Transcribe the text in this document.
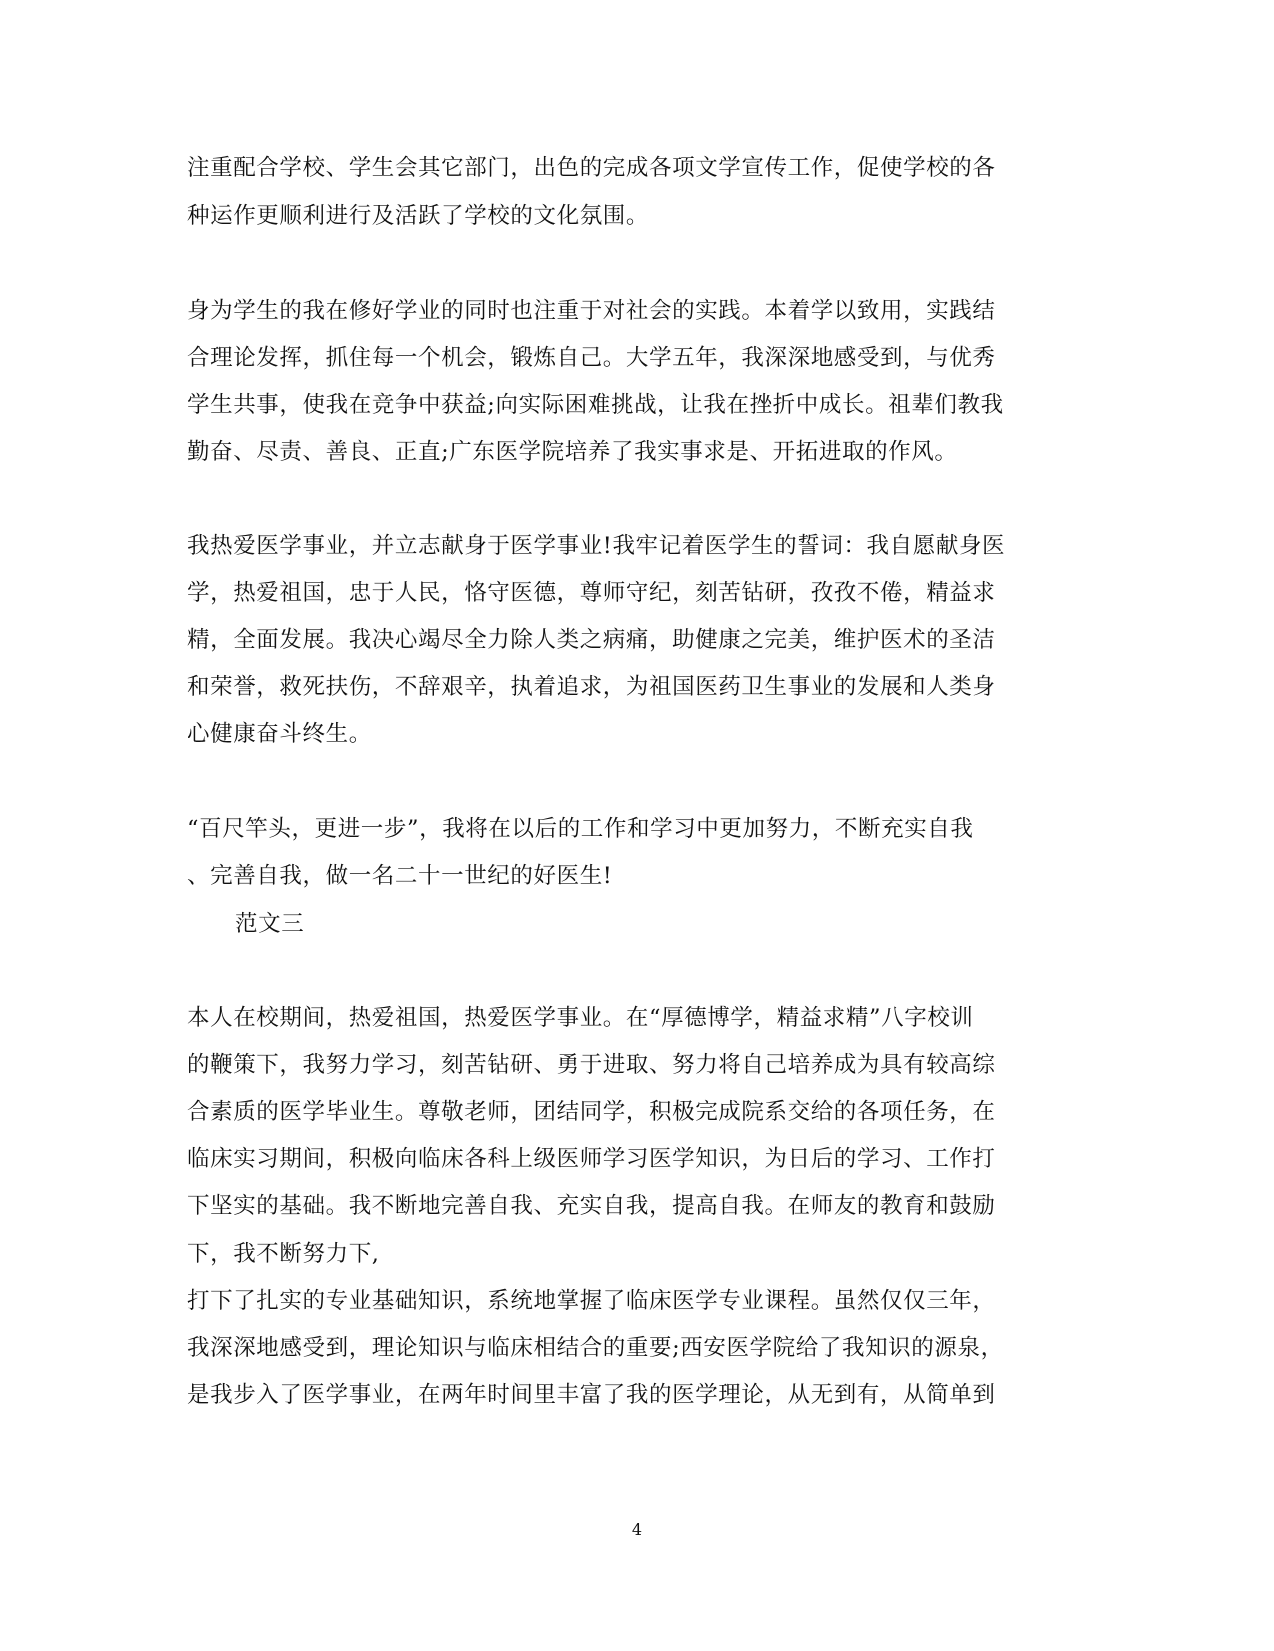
注重配合学校、学生会其它部门，出色的完成各项文学宣传工作，促使学校的各
种运作更顺利进行及活跃了学校的文化氛围。
身为学生的我在修好学业的同时也注重于对社会的实践。本着学以致用，实践结
合理论发挥，抓住每一个机会，锻炼自己。大学五年，我深深地感受到，与优秀
学生共事，使我在竞争中获益;向实际困难挑战，让我在挫折中成长。祖辈们教我
勤奋、尽责、善良、正直;广东医学院培养了我实事求是、开拓进取的作风。
我热爱医学事业，并立志献身于医学事业!我牢记着医学生的誓词：我自愿献身医
学，热爱祖国，忠于人民，恪守医德，尊师守纪，刻苦钻研，孜孜不倦，精益求
精，全面发展。我决心竭尽全力除人类之病痛，助健康之完美，维护医术的圣洁
和荣誉，救死扶伤，不辞艰辛，执着追求，为祖国医药卫生事业的发展和人类身
心健康奋斗终生。
“百尺竿头，更进一步”，我将在以后的工作和学习中更加努力，不断充实自我
、完善自我，做一名二十一世纪的好医生!
范文三
本人在校期间，热爱祖国，热爱医学事业。在“厚德博学，精益求精”八字校训
的鞭策下，我努力学习，刻苦钻研、勇于进取、努力将自己培养成为具有较高综
合素质的医学毕业生。尊敬老师，团结同学，积极完成院系交给的各项任务，在
临床实习期间，积极向临床各科上级医师学习医学知识，为日后的学习、工作打
下坚实的基础。我不断地完善自我、充实自我，提高自我。在师友的教育和鼓励
下，我不断努力下,
打下了扎实的专业基础知识，系统地掌握了临床医学专业课程。虽然仅仅三年，
我深深地感受到，理论知识与临床相结合的重要;西安医学院给了我知识的源泉，
是我步入了医学事业，在两年时间里丰富了我的医学理论，从无到有，从简单到
4
